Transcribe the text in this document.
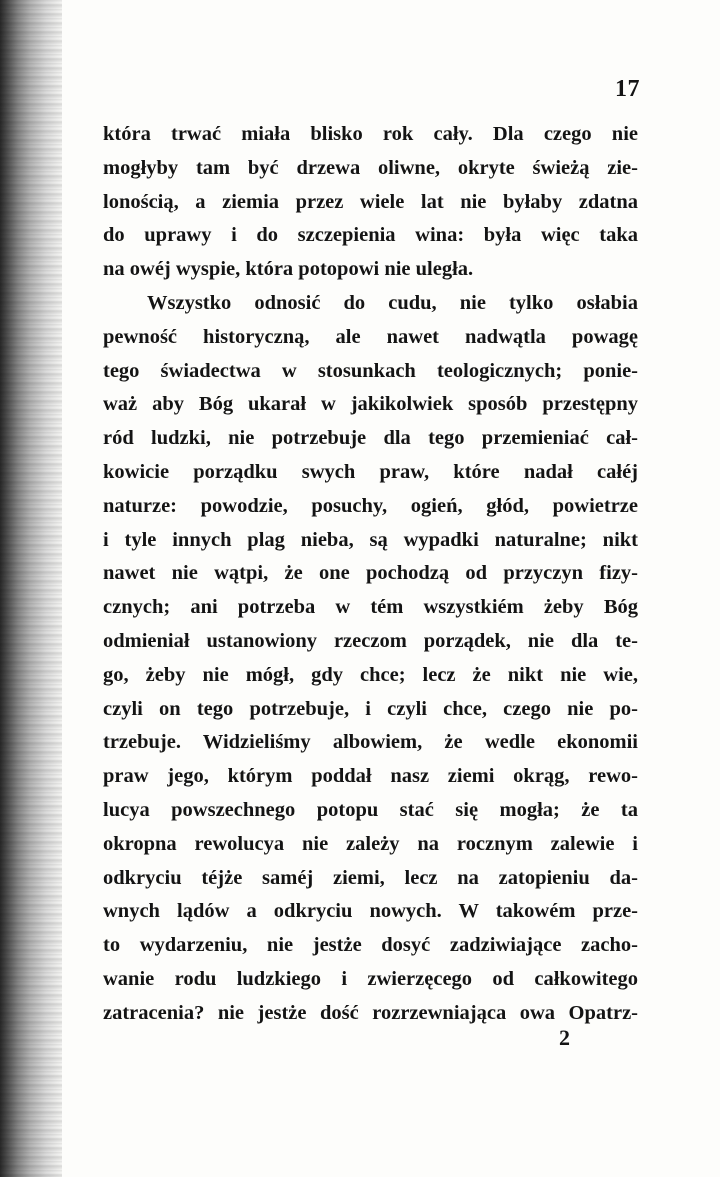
17
która trwać miała blisko rok cały. Dla czego nie
mogłyby tam być drzewa oliwne, okryte świeżą zie-
lonością, a ziemia przez wiele lat nie byłaby zdatna
do uprawy i do szczepienia wina: była więc taka
na owéj wyspie, która potopowi nie uległa.
Wszystko odnosić do cudu, nie tylko osłabia
pewność historyczną, ale nawet nadwątla powagę
tego świadectwa w stosunkach teologicznych; ponie-
waż aby Bóg ukarał w jakikolwiek sposób przestępny
ród ludzki, nie potrzebuje dla tego przemieniać cał-
kowicie porządku swych praw, które nadał całéj
naturze: powodzie, posuchy, ogień, głód, powietrze
i tyle innych plag nieba, są wypadki naturalne; nikt
nawet nie wątpi, że one pochodzą od przyczyn fizy-
cznych; ani potrzeba w tém wszystkiém żeby Bóg
odmieniał ustanowiony rzeczom porządek, nie dla te-
go, żeby nie mógł, gdy chce; lecz że nikt nie wie,
czyli on tego potrzebuje, i czyli chce, czego nie po-
trzebuje. Widzieliśmy albowiem, że wedle ekonomii
praw jego, którym poddał nasz ziemi okrąg, rewo-
lucya powszechnego potopu stać się mogła; że ta
okropna rewolucya nie zależy na rocznym zalewie i
odkryciu téjże saméj ziemi, lecz na zatopieniu da-
wnych lądów a odkryciu nowych. W takowém prze-
to wydarzeniu, nie jestże dosyć zadziwiające zacho-
wanie rodu ludzkiego i zwierzęcego od całkowitego
zatracenia? nie jestże dość rozrzewniająca owa Opatrz-
2
